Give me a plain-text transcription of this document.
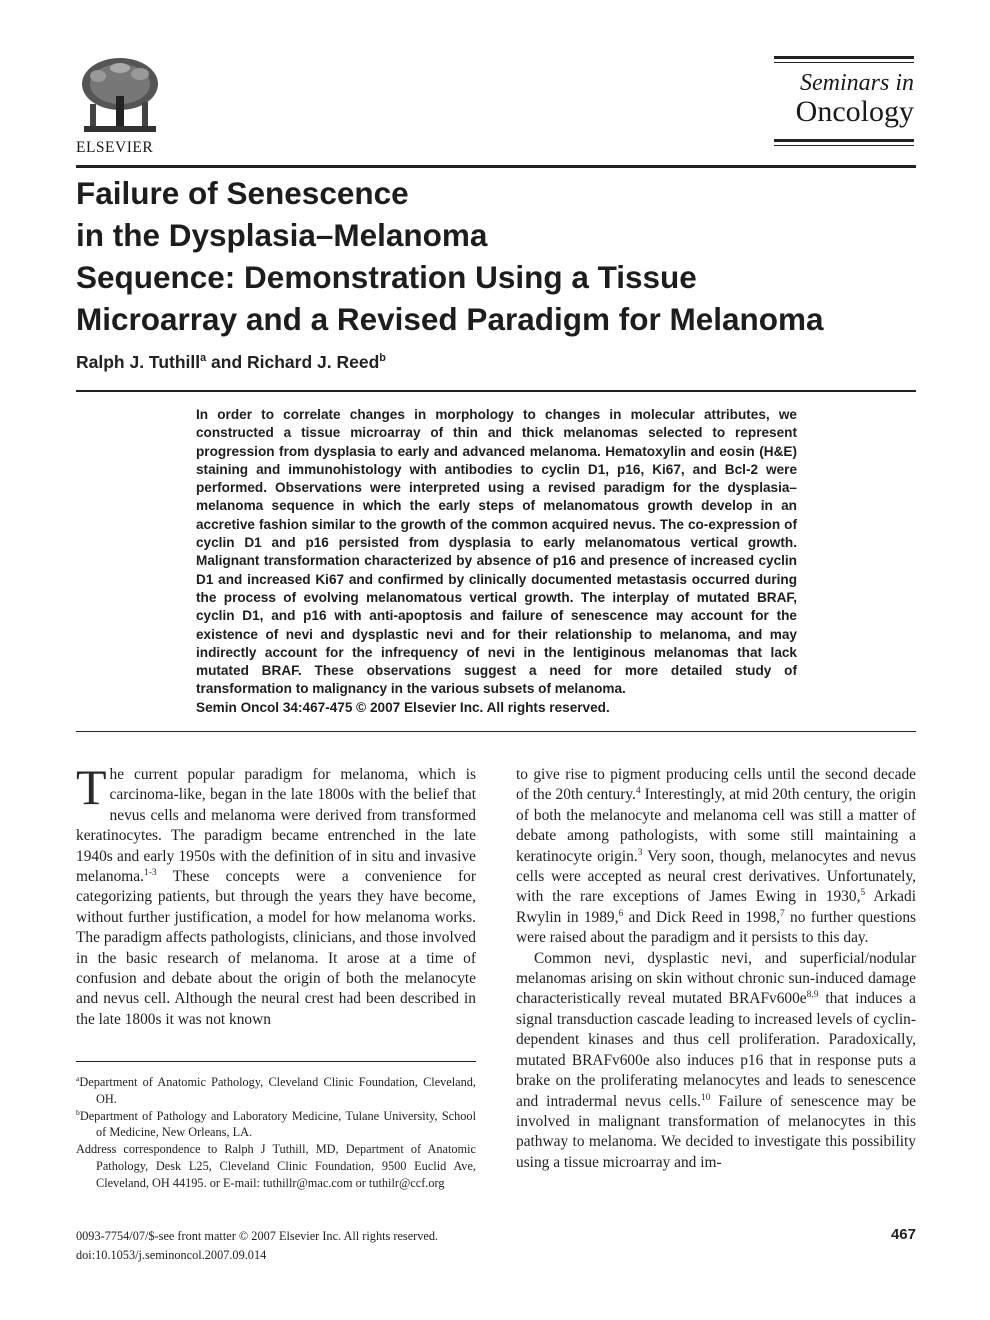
ELSEVIER
Seminars in
Oncology
Failure of Senescence
in the Dysplasia–Melanoma
Sequence: Demonstration Using a Tissue
Microarray and a Revised Paradigm for Melanoma
Ralph J. Tuthill$^a$ and Richard J. Reed$^b$
In order to correlate changes in morphology to changes in molecular attributes, we constructed a tissue microarray of thin and thick melanomas selected to represent progression from dysplasia to early and advanced melanoma. Hematoxylin and eosin (H&E) staining and immunohistology with antibodies to cyclin D1, p16, Ki67, and Bcl-2 were performed. Observations were interpreted using a revised paradigm for the dysplasia–melanoma sequence in which the early steps of melanomatous growth develop in an accretive fashion similar to the growth of the common acquired nevus. The co-expression of cyclin D1 and p16 persisted from dysplasia to early melanomatous vertical growth. Malignant transformation characterized by absence of p16 and presence of increased cyclin D1 and increased Ki67 and confirmed by clinically documented metastasis occurred during the process of evolving melanomatous vertical growth. The interplay of mutated BRAF, cyclin D1, and p16 with anti-apoptosis and failure of senescence may account for the existence of nevi and dysplastic nevi and for their relationship to melanoma, and may indirectly account for the infrequency of nevi in the lentiginous melanomas that lack mutated BRAF. These observations suggest a need for more detailed study of transformation to malignancy in the various subsets of melanoma.
Semin Oncol 34:467-475 © 2007 Elsevier Inc. All rights reserved.

The current popular paradigm for melanoma, which is carcinoma-like, began in the late 1800s with the belief that nevus cells and melanoma were derived from transformed keratinocytes. The paradigm became entrenched in the late 1940s and early 1950s with the definition of in situ and invasive melanoma.$^{1-3}$ These concepts were a convenience for categorizing patients, but through the years they have become, without further justification, a model for how melanoma works. The paradigm affects pathologists, clinicians, and those involved in the basic research of melanoma. It arose at a time of confusion and debate about the origin of both the melanocyte and nevus cell. Although the neural crest had been described in the late 1800s it was not known

to give rise to pigment producing cells until the second decade of the 20th century.$^4$ Interestingly, at mid 20th century, the origin of both the melanocyte and melanoma cell was still a matter of debate among pathologists, with some still maintaining a keratinocyte origin.$^3$ Very soon, though, melanocytes and nevus cells were accepted as neural crest derivatives. Unfortunately, with the rare exceptions of James Ewing in 1930,$^5$ Arkadi Rwylin in 1989,$^6$ and Dick Reed in 1998,$^7$ no further questions were raised about the paradigm and it persists to this day.

Common nevi, dysplastic nevi, and superficial/nodular melanomas arising on skin without chronic sun-induced damage characteristically reveal mutated $BRAFv600e^{8,9}$ that induces a signal transduction cascade leading to increased levels of cyclin-dependent kinases and thus cell proliferation. Paradoxically, mutated BRAFv600e also induces p16 that in response puts a brake on the proliferating melanocytes and leads to senescence and intradermal nevus cells.$^{10}$ Failure of senescence may be involved in malignant transformation of melanocytes in this pathway to melanoma. We decided to investigate this possibility using a tissue microarray and im-

$^a$Department of Anatomic Pathology, Cleveland Clinic Foundation, Cleveland, OH.
$^b$Department of Pathology and Laboratory Medicine, Tulane University, School of Medicine, New Orleans, LA.
Address correspondence to Ralph J Tuthill, MD, Department of Anatomic Pathology, Desk L25, Cleveland Clinic Foundation, 9500 Euclid Ave, Cleveland, OH 44195. or E-mail: tuthillr@mac.com or tuthilr@ccf.org
0093-7754/07/$-see front matter © 2007 Elsevier Inc. All rights reserved.
doi:10.1053/j.seminoncol.2007.09.014
467
